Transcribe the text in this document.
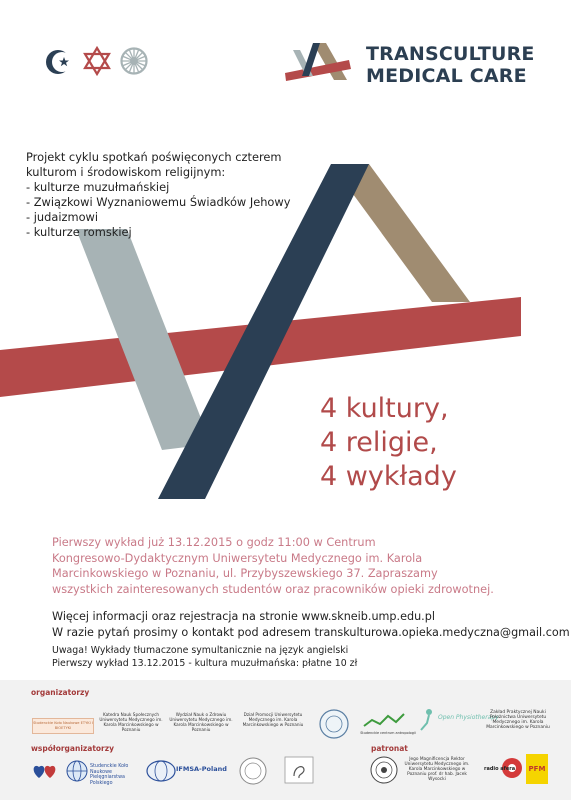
TRANSCULTURE
MEDICAL CARE
Projekt cyklu spotkań poświęconych czterem
kulturom i środowiskom religijnym:
- kulturze muzułmańskiej
- Związkowi Wyznaniowemu Świadków Jehowy
- judaizmowi
- kulturze romskiej
4 kultury,
4 religie,
4 wykłady
Pierwszy wykład już 13.12.2015 o godz 11:00 w Centrum
Kongresowo-Dydaktycznym Uniwersytetu Medycznego im. Karola
Marcinkowskiego w Poznaniu, ul. Przybyszewskiego 37. Zapraszamy
wszystkich zainteresowanych studentów oraz pracowników opieki zdrowotnej.
Więcej informacji oraz rejestracja na stronie www.skneib.ump.edu.pl
W razie pytań prosimy o kontakt pod adresem transkulturowa.opieka.medyczna@gmail.com
Uwaga! Wykłady tłumaczone symultanicznie na język angielski
Pierwszy wykład 13.12.2015 - kultura muzułmańska: płatne 10 zł
organizatorzy
Studenckie Koło Naukowe ETYKI I BIOETYKI
Katedra Nauk Społecznych Uniwersytetu Medycznego im. Karola Marcinkowskiego w Poznaniu
Wydział Nauk o Zdrowiu Uniwersytetu Medycznego im. Karola Marcinkowskiego w Poznaniu
Dział Promocji Uniwersytetu Medycznego im. Karola Marcinkowskiego w Poznaniu
Studenckie centrum antropologii
Open Physiotherapy
Zakład Praktycznej Nauki Położnictwa Uniwersytetu Medycznego im. Karola Marcinkowskiego w Poznaniu
współorganizatorzy
Studenckie Koło Naukowe Pielęgniarstwa Polskiego
IFMSA-Poland
patronat
Jego Magnificencja Rektor Uniwersytetu Medycznego im. Karola Marcinkowskiego w Poznaniu prof. dr hab. Jacek Wysocki
radio afera PFM
